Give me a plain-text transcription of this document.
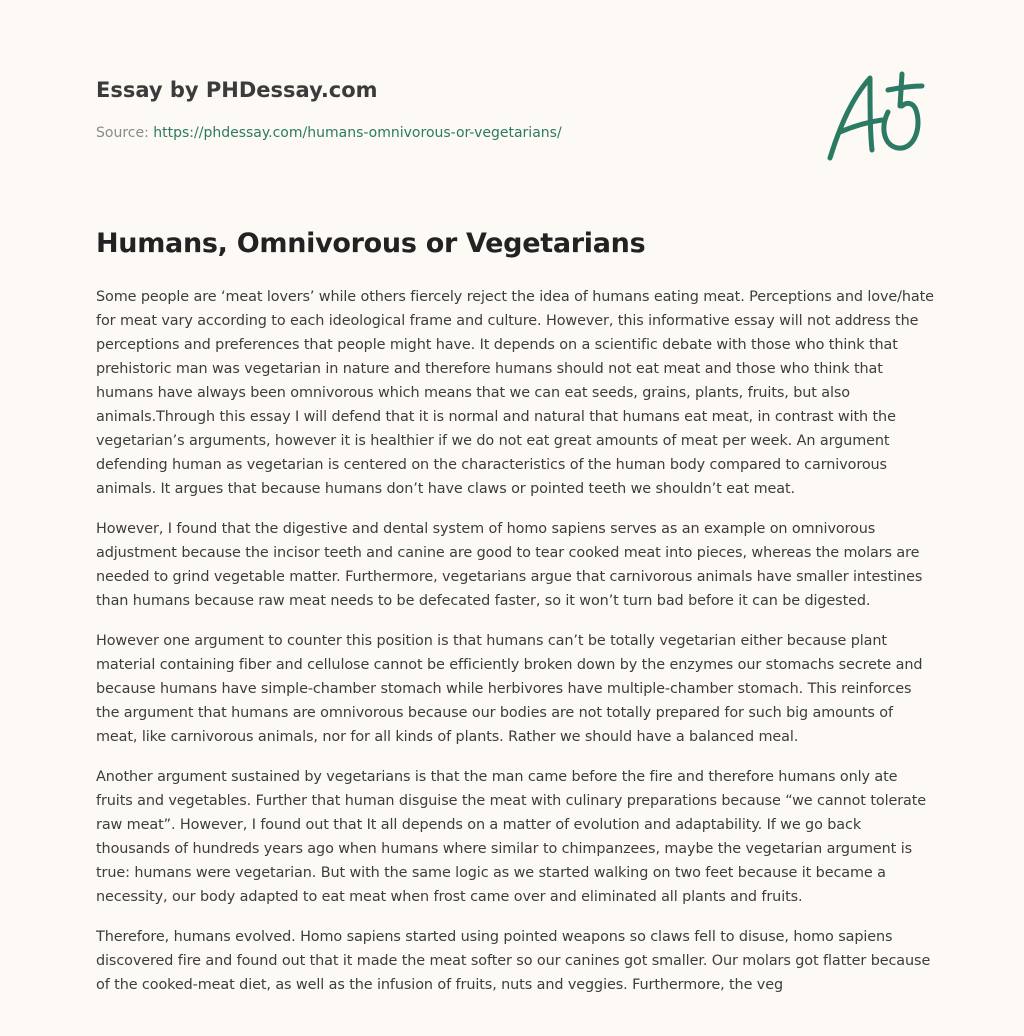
Essay by PHDessay.com
Source: https://phdessay.com/humans-omnivorous-or-vegetarians/
Humans, Omnivorous or Vegetarians

Some people are ‘meat lovers’ while others fiercely reject the idea of humans eating meat. Perceptions and love/hate for meat vary according to each ideological frame and culture. However, this informative essay will not address the perceptions and preferences that people might have. It depends on a scientific debate with those who think that prehistoric man was vegetarian in nature and therefore humans should not eat meat and those who think that humans have always been omnivorous which means that we can eat seeds, grains, plants, fruits, but also animals.Through this essay I will defend that it is normal and natural that humans eat meat, in contrast with the vegetarian’s arguments, however it is healthier if we do not eat great amounts of meat per week. An argument defending human as vegetarian is centered on the characteristics of the human body compared to carnivorous animals. It argues that because humans don’t have claws or pointed teeth we shouldn’t eat meat.

However, I found that the digestive and dental system of homo sapiens serves as an example on omnivorous adjustment because the incisor teeth and canine are good to tear cooked meat into pieces, whereas the molars are needed to grind vegetable matter. Furthermore, vegetarians argue that carnivorous animals have smaller intestines than humans because raw meat needs to be defecated faster, so it won’t turn bad before it can be digested.

However one argument to counter this position is that humans can’t be totally vegetarian either because plant material containing fiber and cellulose cannot be efficiently broken down by the enzymes our stomachs secrete and because humans have simple-chamber stomach while herbivores have multiple-chamber stomach. This reinforces the argument that humans are omnivorous because our bodies are not totally prepared for such big amounts of meat, like carnivorous animals, nor for all kinds of plants. Rather we should have a balanced meal.

Another argument sustained by vegetarians is that the man came before the fire and therefore humans only ate fruits and vegetables. Further that human disguise the meat with culinary preparations because “we cannot tolerate raw meat”. However, I found out that It all depends on a matter of evolution and adaptability. If we go back thousands of hundreds years ago when humans where similar to chimpanzees, maybe the vegetarian argument is true: humans were vegetarian. But with the same logic as we started walking on two feet because it became a necessity, our body adapted to eat meat when frost came over and eliminated all plants and fruits.

Therefore, humans evolved. Homo sapiens started using pointed weapons so claws fell to disuse, homo sapiens discovered fire and found out that it made the meat softer so our canines got smaller. Our molars got flatter because of the cooked-meat diet, as well as the infusion of fruits, nuts and veggies. Furthermore, the veg
